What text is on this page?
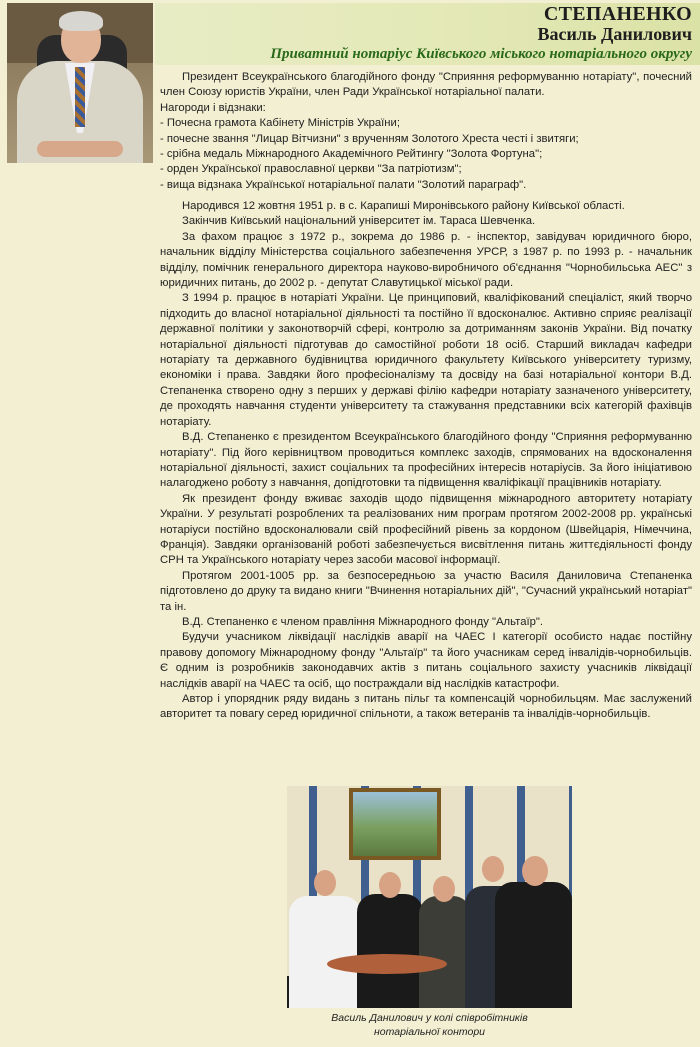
СТЕПАНЕНКО
Василь Данилович
Приватний нотаріус Київського міського нотаріального округу

Президент Всеукраїнського благодійного фонду "Сприяння реформуванню нотаріату", почесний член Союзу юристів України, член Ради Української нотаріальної палати.

Нагороди і відзнаки:

- Почесна грамота Кабінету Міністрів України;

- почесне звання "Лицар Вітчизни" з врученням Золотого Хреста честі і звитяги;

- срібна медаль Міжнародного Академічного Рейтингу "Золота Фортуна";

- орден Української православної церкви "За патріотизм";

- вища відзнака Української нотаріальної палати "Золотий параграф".

Народився 12 жовтня 1951 р. в с. Карапиші Миронівського району Київської області.

Закінчив Київський національний університет ім. Тараса Шевченка.

За фахом працює з 1972 р., зокрема до 1986 р. - інспектор, завідувач юридичного бюро, начальник відділу Міністерства соціального забезпечення УРСР, з 1987 р. по 1993 р. - начальник відділу, помічник генерального директора науково-виробничого об'єднання "Чорнобильська АЕС" з юридичних питань, до 2002 р. - депутат Славутицької міської ради.

З 1994 р. працює в нотаріаті України. Це принциповий, кваліфікований спеціаліст, який творчо підходить до власної нотаріальної діяльності та постійно її вдосконалює. Активно сприяє реалізації державної політики у законотворчій сфері, контролю за дотриманням законів України. Від початку нотаріальної діяльності підготував до самостійної роботи 18 осіб. Старший викладач кафедри нотаріату та державного будівництва юридичного факультету Київського університету туризму, економіки і права. Завдяки його професіоналізму та досвіду на базі нотаріальної контори В.Д. Степаненка створено одну з перших у державі філію кафедри нотаріату зазначеного університету, де проходять навчання студенти університету та стажування представники всіх категорій фахівців нотаріату.

В.Д. Степаненко є президентом Всеукраїнського благодійного фонду "Сприяння реформуванню нотаріату". Під його керівництвом проводиться комплекс заходів, спрямованих на вдосконалення нотаріальної діяльності, захист соціальних та професійних інтересів нотаріусів. За його ініціативою налагоджено роботу з навчання, допідготовки та підвищення кваліфікації працівників нотаріату.

Як президент фонду вживає заходів щодо підвищення міжнародного авторитету нотаріату України. У результаті розроблених та реалізованих ним програм протягом 2002-2008 рр. українські нотаріуси постійно вдосконалювали свій професійний рівень за кордоном (Швейцарія, Німеччина, Франція). Завдяки організованій роботі забезпечується висвітлення питань життєдіяльності фонду СРН та Українського нотаріату через засоби масової інформації.

Протягом 2001-1005 рр. за безпосередньою за участю Василя Даниловича Степаненка підготовлено до друку та видано книги "Вчинення нотаріальних дій", "Сучасний український нотаріат" та ін.

В.Д. Степаненко є членом правління Міжнародного фонду "Альтаїр".

Будучи учасником ліквідації наслідків аварії на ЧАЕС І категорії особисто надає постійну правову допомогу Міжнародному фонду "Альтаїр" та його учасникам серед інвалідів-чорнобильців. Є одним із розробників законодавчих актів з питань соціального захисту учасників ліквідації наслідків аварії на ЧАЕС та осіб, що постраждали від наслідків катастрофи.

Автор і упорядник ряду видань з питань пільг та компенсацій чорнобильцям. Має заслужений авторитет та повагу серед юридичної спільноти, а також ветеранів та інвалідів-чорнобильців.

Василь Данилович у колі співробітників
нотаріальної контори
